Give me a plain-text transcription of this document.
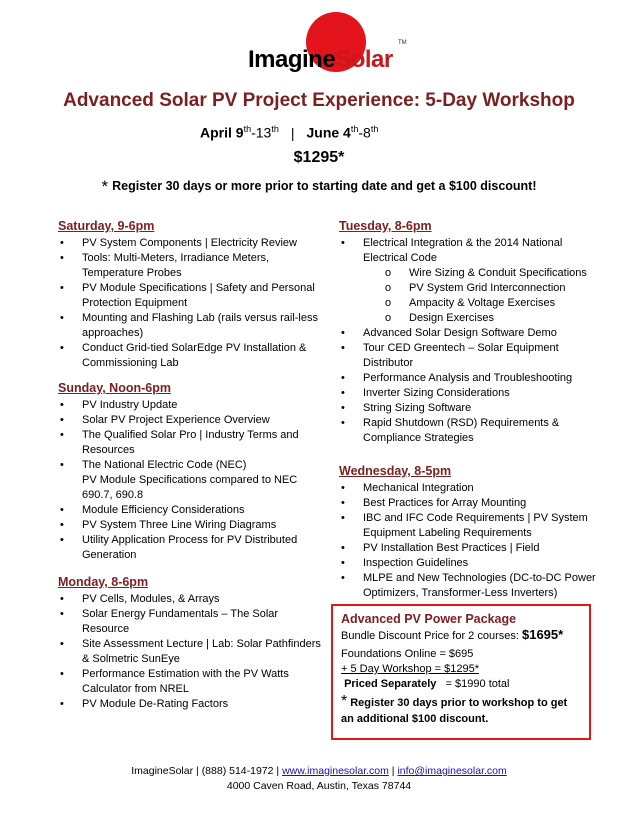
ImagineSolar
TM
Advanced Solar PV Project Experience: 5-Day Workshop
April 9th-13th | June 4th-8th
$1295*
* Register 30 days or more prior to starting date and get a $100 discount!
Saturday, 9-6pm
• PV System Components | Electricity Review
• Tools: Multi-Meters, Irradiance Meters, Temperature Probes
• PV Module Specifications | Safety and Personal Protection Equipment
• Mounting and Flashing Lab (rails versus rail-less approaches)
• Conduct Grid-tied SolarEdge PV Installation & Commissioning Lab
Sunday, Noon-6pm
• PV Industry Update
• Solar PV Project Experience Overview
• The Qualified Solar Pro | Industry Terms and Resources
• The National Electric Code (NEC)
PV Module Specifications compared to NEC 690.7, 690.8
• Module Efficiency Considerations
• PV System Three Line Wiring Diagrams
• Utility Application Process for PV Distributed Generation
Monday, 8-6pm
• PV Cells, Modules, & Arrays
• Solar Energy Fundamentals – The Solar Resource
• Site Assessment Lecture | Lab: Solar Pathfinders & Solmetric SunEye
• Performance Estimation with the PV Watts Calculator from NREL
• PV Module De-Rating Factors
Tuesday, 8-6pm
• Electrical Integration & the 2014 National Electrical Code
o Wire Sizing & Conduit Specifications
o PV System Grid Interconnection
o Ampacity & Voltage Exercises
o Design Exercises
• Advanced Solar Design Software Demo
• Tour CED Greentech – Solar Equipment Distributor
• Performance Analysis and Troubleshooting
• Inverter Sizing Considerations
• String Sizing Software
• Rapid Shutdown (RSD) Requirements & Compliance Strategies
Wednesday, 8-5pm
• Mechanical Integration
• Best Practices for Array Mounting
• IBC and IFC Code Requirements | PV System Equipment Labeling Requirements
• PV Installation Best Practices | Field
• Inspection Guidelines
• MLPE and New Technologies (DC-to-DC Power Optimizers, Transformer-Less Inverters)
Advanced PV Power Package
Bundle Discount Price for 2 courses: $1695*
Foundations Online = $695
+ 5 Day Workshop = $1295*
Priced Separately = $1990 total
* Register 30 days prior to workshop to get an additional $100 discount.
ImagineSolar | (888) 514-1972 | www.imaginesolar.com | info@imaginesolar.com
4000 Caven Road, Austin, Texas 78744
